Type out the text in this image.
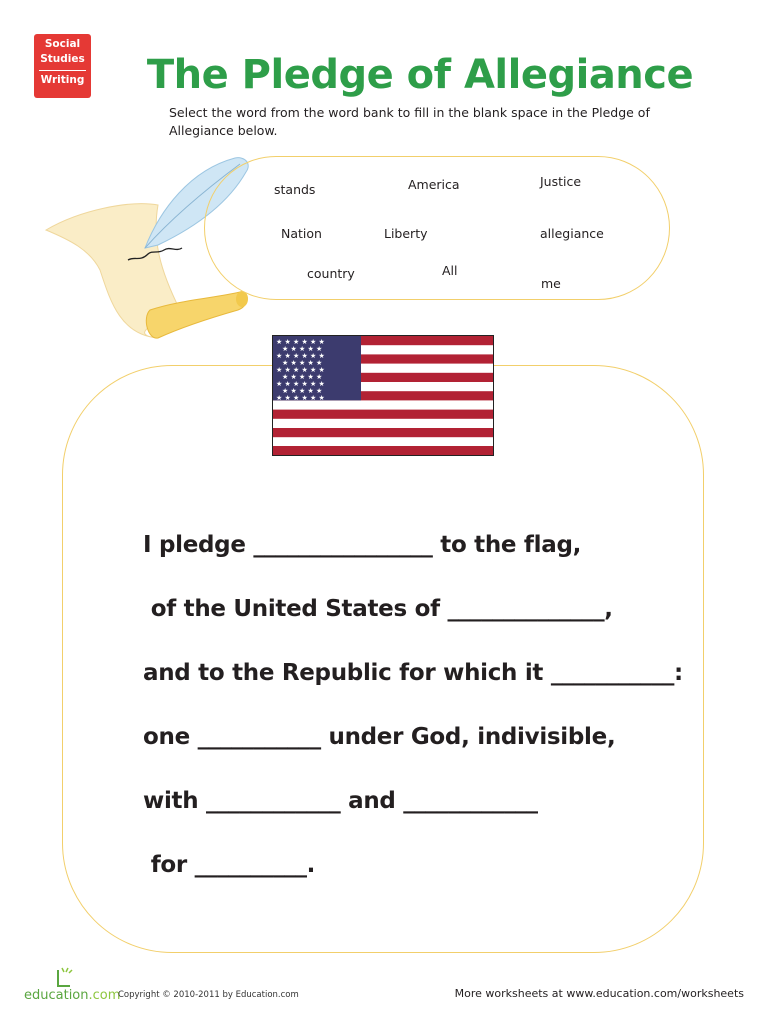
Social
Studies
Writing The Pledge of Allegiance
Select the word from the word bank to fill in the blank space in the Pledge of Allegiance below.
stands	America	Justice
Nation	Liberty	allegiance
country	All
me
★ ★ ★ ★ ★ ★
★ ★ ★ ★ ★
★ ★ ★ ★ ★ ★
★ ★ ★ ★ ★
★ ★ ★ ★ ★ ★
★ ★ ★ ★ ★
★ ★ ★ ★ ★ ★
★ ★ ★ ★ ★
★ ★ ★ ★ ★ ★
I pledge ________________ to the flag,
of the United States of ______________,
and to the Republic for which it ___________:
one ___________ under God, indivisible,
with ____________ and ____________
for __________.
education.com
Copyright © 2010-2011 by Education.com	More worksheets at www.education.com/worksheets
